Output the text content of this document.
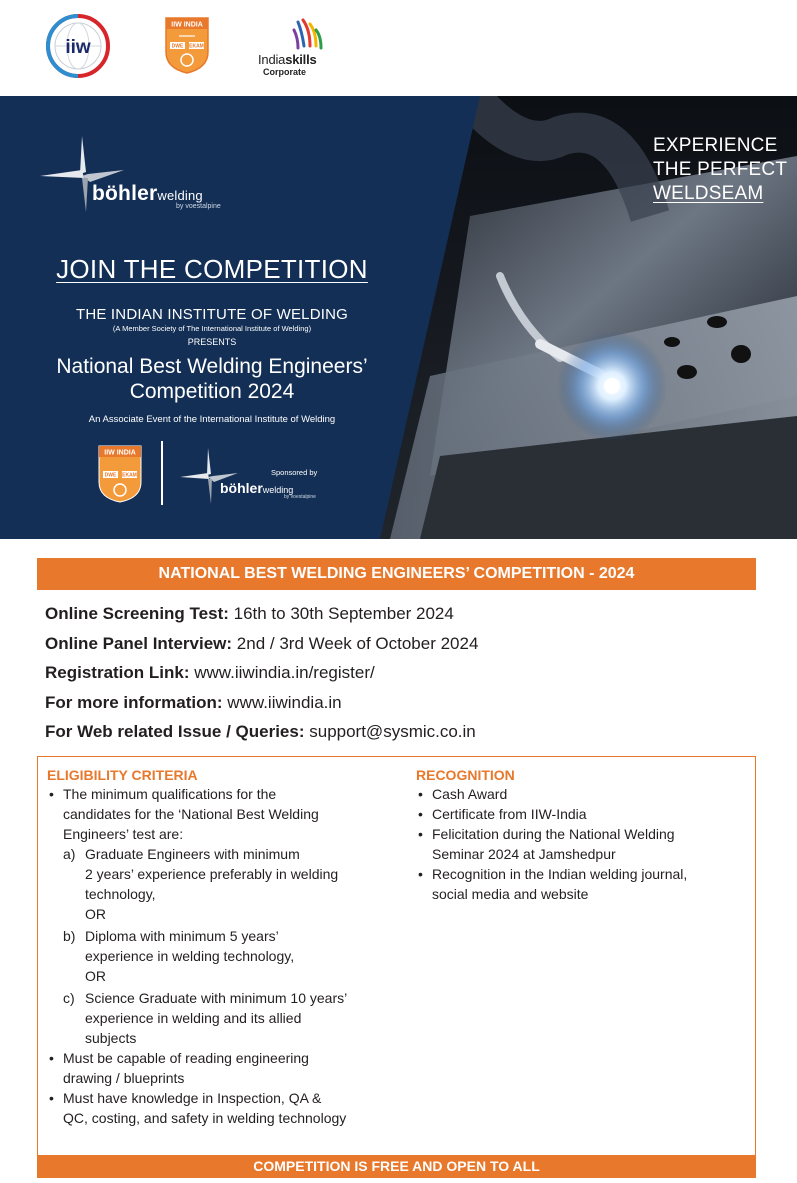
iiw
IIW INDIA
DWE EKAM
Indiaskills
Corporate
böhlerwelding
by voestalpine
JOIN THE COMPETITION
THE INDIAN INSTITUTE OF WELDING
(A Member Society of The International Institute of Welding)
PRESENTS
National Best Welding Engineers’
Competition 2024
An Associate Event of the International Institute of Welding
IIW INDIA
DWE EKAM	Sponsored by
böhlerwelding
by voestalpine
EXPERIENCE
THE PERFECT
WELDSEAM
NATIONAL BEST WELDING ENGINEERS’ COMPETITION - 2024
Online Screening Test: 16th to 30th September 2024
Online Panel Interview: 2nd / 3rd Week of October 2024
Registration Link: www.iiwindia.in/register/
For more information: www.iiwindia.in
For Web related Issue / Queries: support@sysmic.co.in
ELIGIBILITY CRITERIA
• The minimum qualifications for the
candidates for the ‘National Best Welding
Engineers’ test are:
a) Graduate Engineers with minimum
2 years’ experience preferably in welding
technology,
OR
b) Diploma with minimum 5 years’
experience in welding technology,
OR
c) Science Graduate with minimum 10 years’
experience in welding and its allied
subjects
• Must be capable of reading engineering
drawing / blueprints
• Must have knowledge in Inspection, QA &
QC, costing, and safety in welding technology
RECOGNITION
• Cash Award
• Certificate from IIW-India
• Felicitation during the National Welding
Seminar 2024 at Jamshedpur
• Recognition in the Indian welding journal,
social media and website
COMPETITION IS FREE AND OPEN TO ALL
